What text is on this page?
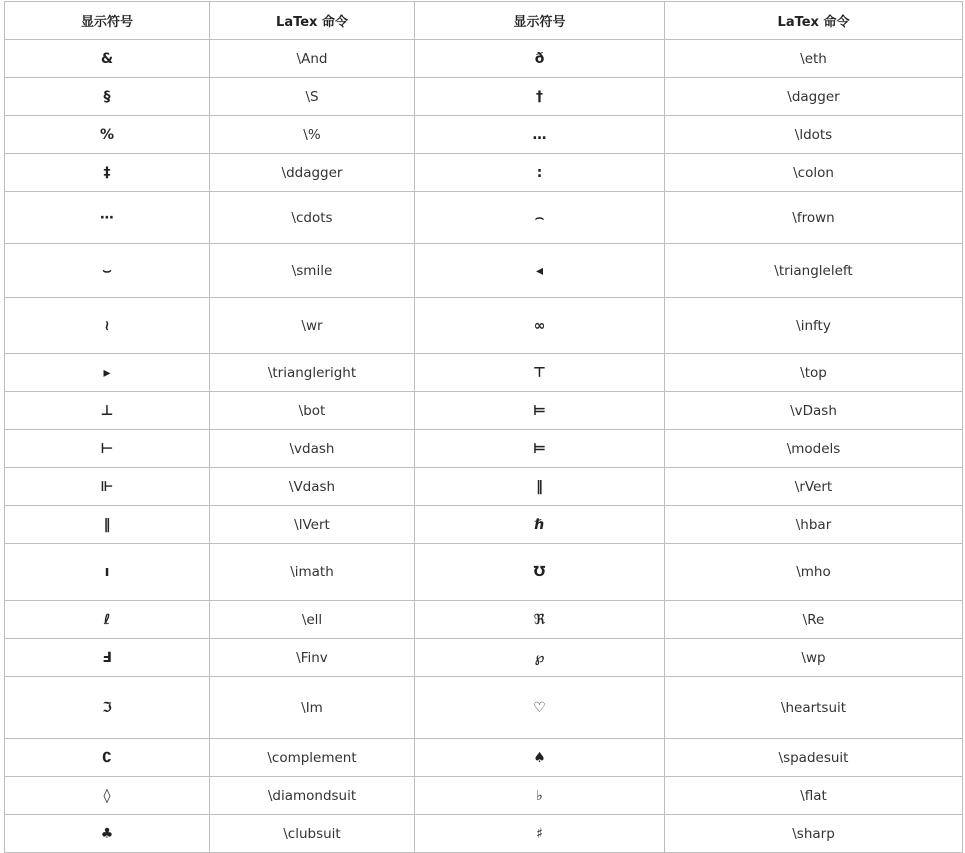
显示符号	LaTex 命令	显示符号	LaTex 命令
&	\And	ð	\eth
§	\S	†	\dagger
%	\%	…	\ldots
‡	\ddagger	:	\colon
⋯	\cdots	⌢	\frown
⌣	\smile	◂	\triangleleft
≀	\wr	∞	\infty
▸	\triangleright	⊤	\top
⊥	\bot	⊨	\vDash
⊢	\vdash	⊨	\models
⊩	\Vdash	‖	\rVert
‖	\lVert	ℏ	\hbar
ı	\imath	℧	\mho
ℓ	\ell	ℜ	\Re
Ⅎ	\Finv	℘	\wp
ℑ	\Im	♡	\heartsuit
∁	\complement	♠	\spadesuit
◊	\diamondsuit	♭	\flat
♣	\clubsuit	♯	\sharp
